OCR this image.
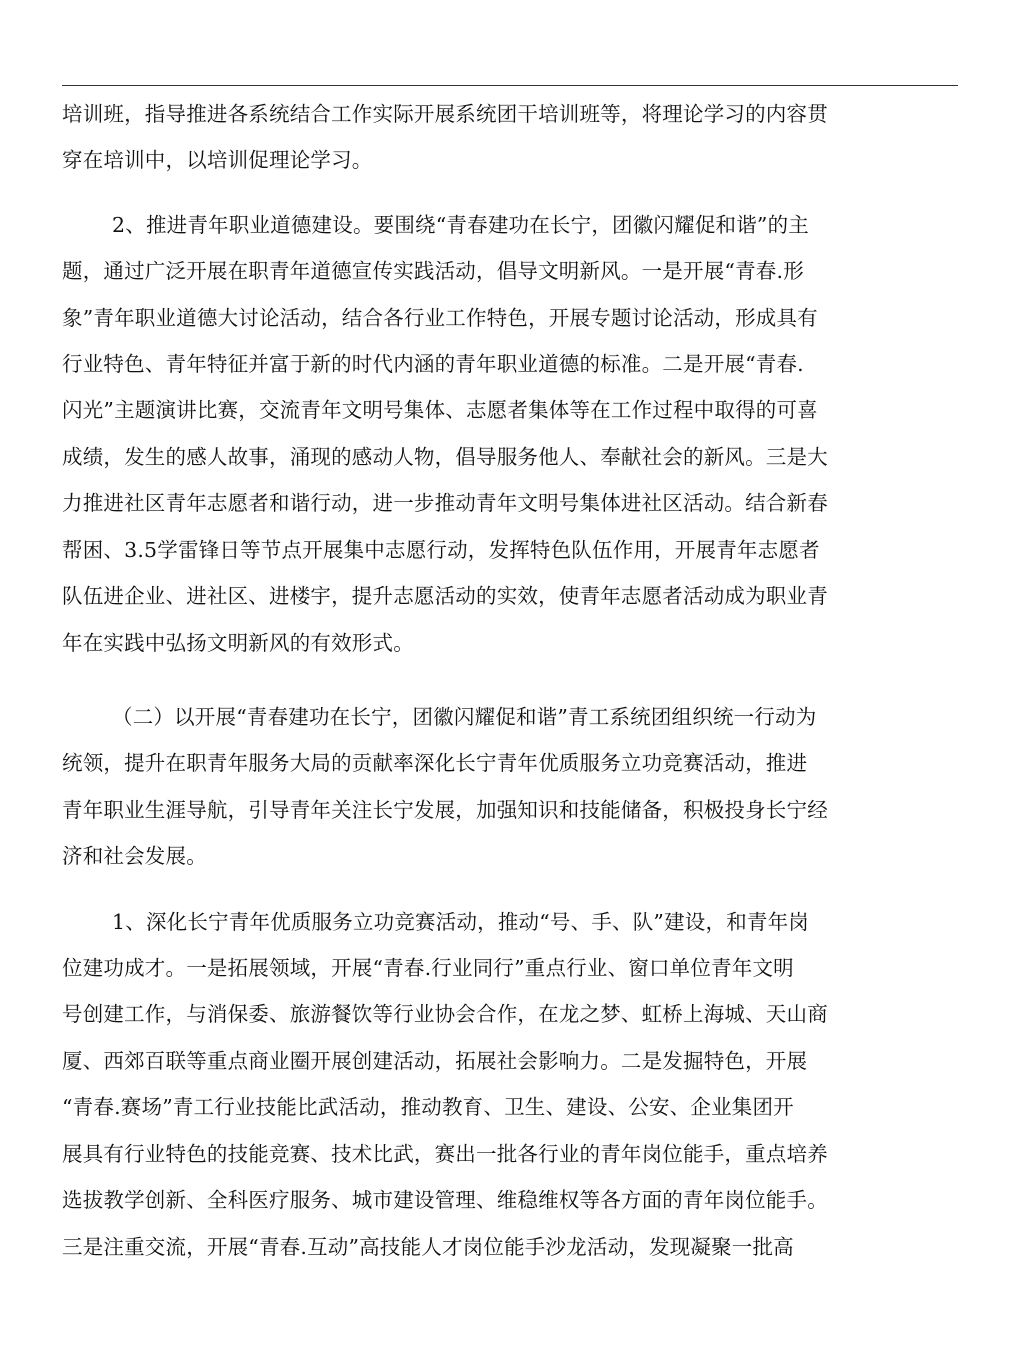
培训班，指导推进各系统结合工作实际开展系统团干培训班等，将理论学习的内容贯

穿在培训中，以培训促理论学习。

2、推进青年职业道德建设。要围绕“青春建功在长宁，团徽闪耀促和谐”的主

题，通过广泛开展在职青年道德宣传实践活动，倡导文明新风。一是开展“青春.形

象”青年职业道德大讨论活动，结合各行业工作特色，开展专题讨论活动，形成具有

行业特色、青年特征并富于新的时代内涵的青年职业道德的标准。二是开展“青春.

闪光”主题演讲比赛，交流青年文明号集体、志愿者集体等在工作过程中取得的可喜

成绩，发生的感人故事，涌现的感动人物，倡导服务他人、奉献社会的新风。三是大

力推进社区青年志愿者和谐行动，进一步推动青年文明号集体进社区活动。结合新春

帮困、3.5学雷锋日等节点开展集中志愿行动，发挥特色队伍作用，开展青年志愿者

队伍进企业、进社区、进楼宇，提升志愿活动的实效，使青年志愿者活动成为职业青

年在实践中弘扬文明新风的有效形式。

（二）以开展“青春建功在长宁，团徽闪耀促和谐”青工系统团组织统一行动为

统领，提升在职青年服务大局的贡献率深化长宁青年优质服务立功竞赛活动，推进

青年职业生涯导航，引导青年关注长宁发展，加强知识和技能储备，积极投身长宁经

济和社会发展。

1、深化长宁青年优质服务立功竞赛活动，推动“号、手、队”建设，和青年岗

位建功成才。一是拓展领域，开展“青春.行业同行”重点行业、窗口单位青年文明

号创建工作，与消保委、旅游餐饮等行业协会合作，在龙之梦、虹桥上海城、天山商

厦、西郊百联等重点商业圈开展创建活动，拓展社会影响力。二是发掘特色，开展

“青春.赛场”青工行业技能比武活动，推动教育、卫生、建设、公安、企业集团开

展具有行业特色的技能竞赛、技术比武，赛出一批各行业的青年岗位能手，重点培养

选拔教学创新、全科医疗服务、城市建设管理、维稳维权等各方面的青年岗位能手。

三是注重交流，开展“青春.互动”高技能人才岗位能手沙龙活动，发现凝聚一批高
